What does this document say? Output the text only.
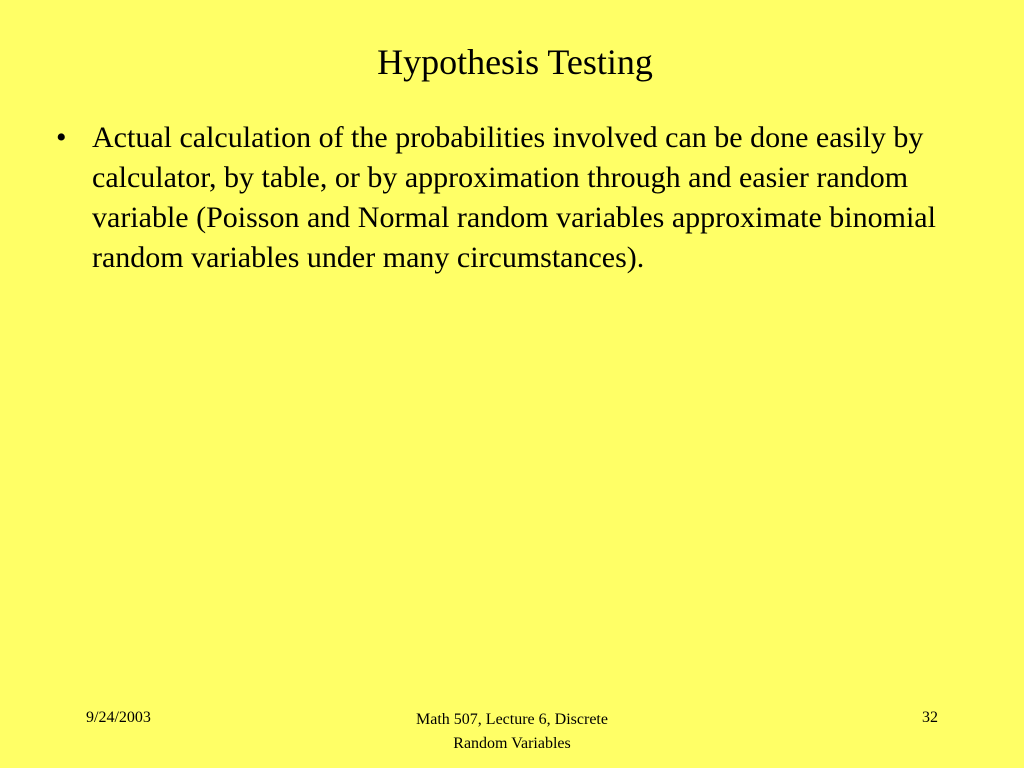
Hypothesis Testing
• Actual calculation of the probabilities involved can be done easily by calculator, by table, or by approximation through and easier random variable (Poisson and Normal random variables approximate binomial random variables under many circumstances).
9/24/2003	Math 507, Lecture 6, Discrete
Random Variables
32
